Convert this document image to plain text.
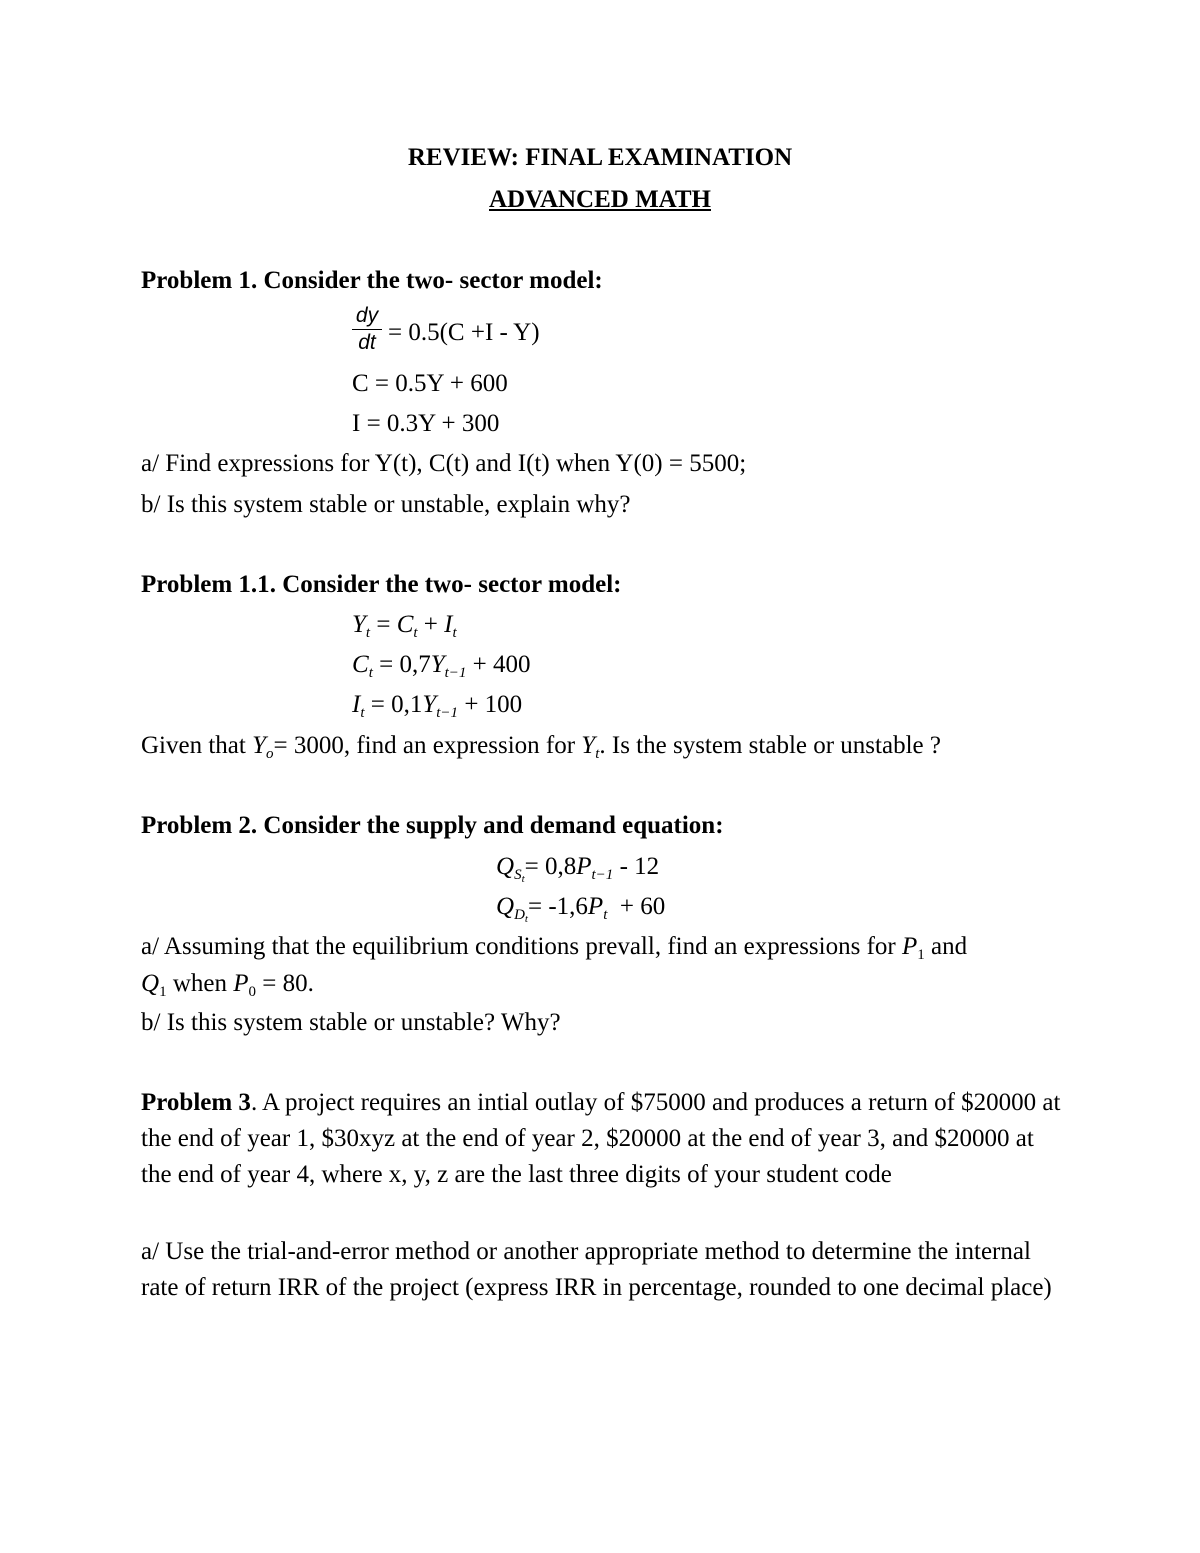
REVIEW: FINAL EXAMINATION
ADVANCED MATH
Problem 1. Consider the two- sector model:
dy
dt = 0.5(C +I - Y)
C = 0.5Y + 600
I = 0.3Y + 300
a/ Find expressions for Y(t), C(t) and I(t) when Y(0) = 5500;
b/ Is this system stable or unstable, explain why?
Problem 1.1. Consider the two- sector model:
$Y_t = C_t + I_t$
$C_t = 0,7Y_{t-1} + 400$
$I_t = 0,1Y_{t-1} + 100$
Given that $Y_o= 3000$, find an expression for $Y_t$. Is the system stable or unstable ?
Problem 2. Consider the supply and demand equation:
$Q_{S_t}= 0,8P_{t-1} - 12$
$Q_{D_t}= -1,6P_t + 60$
a/ Assuming that the equilibrium conditions prevall, find an expressions for $P_1$ and
$Q_1$ when $P_0 = 80$.
b/ Is this system stable or unstable? Why?
Problem 3. A project requires an intial outlay of $75000 and produces a return of $20000 at the end of year 1, $30xyz at the end of year 2, $20000 at the end of year 3, and $20000 at the end of year 4, where x, y, z are the last three digits of your student code
a/ Use the trial-and-error method or another appropriate method to determine the internal rate of return IRR of the project (express IRR in percentage, rounded to one decimal place)
